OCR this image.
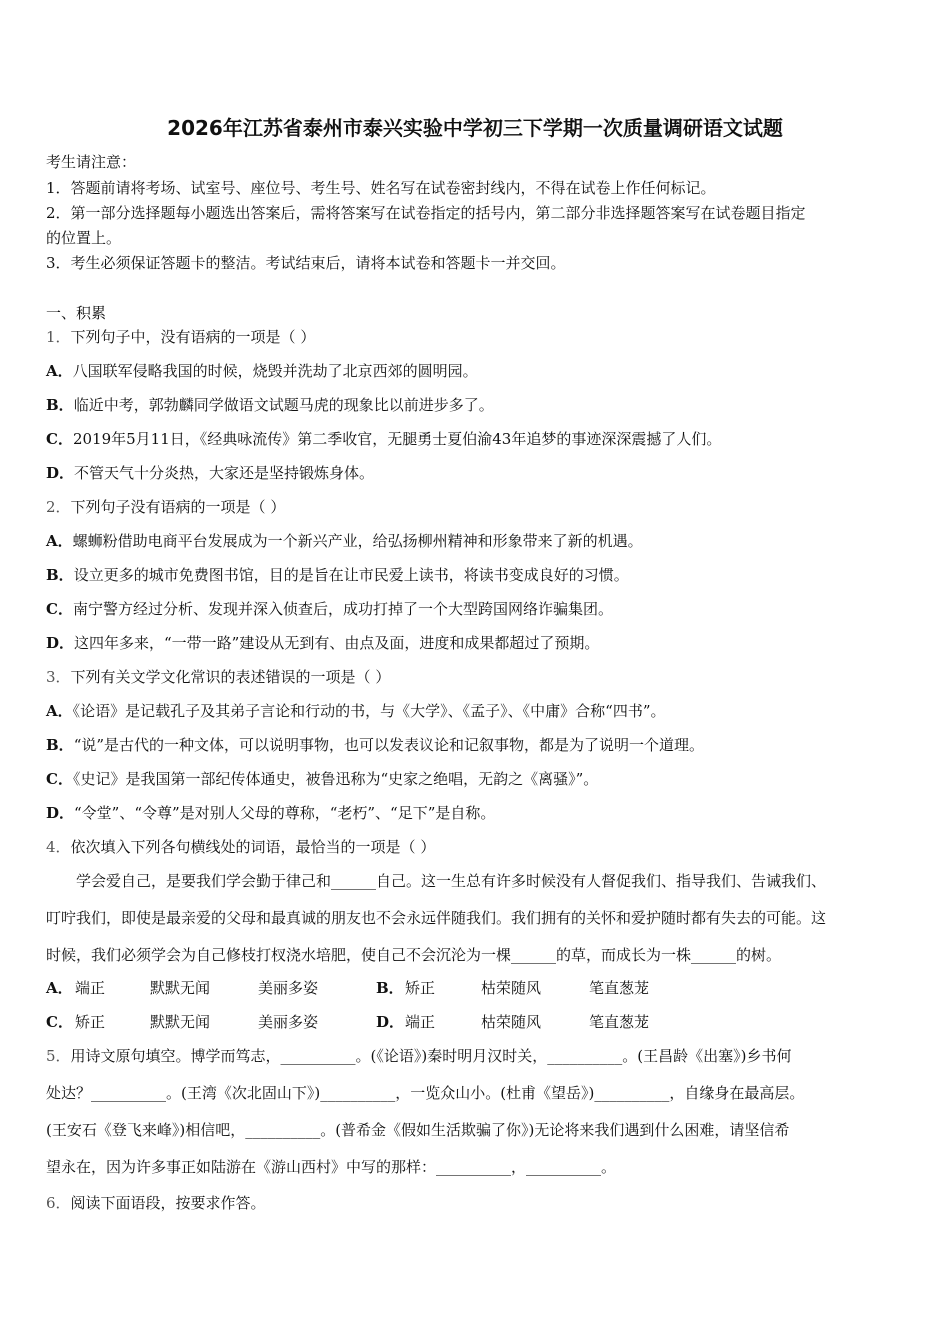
2026年江苏省泰州市泰兴实验中学初三下学期一次质量调研语文试题
考生请注意：
1．答题前请将考场、试室号、座位号、考生号、姓名写在试卷密封线内，不得在试卷上作任何标记。
2．第一部分选择题每小题选出答案后，需将答案写在试卷指定的括号内，第二部分非选择题答案写在试卷题目指定
的位置上。
3．考生必须保证答题卡的整洁。考试结束后，请将本试卷和答题卡一并交回。
一、积累
1．下列句子中，没有语病的一项是（ ）
A．八国联军侵略我国的时候，烧毁并洗劫了北京西郊的圆明园。
B．临近中考，郭勃麟同学做语文试题马虎的现象比以前进步多了。
C．2019年5月11日，《经典咏流传》第二季收官，无腿勇士夏伯渝43年追梦的事迹深深震撼了人们。
D．不管天气十分炎热，大家还是坚持锻炼身体。
2．下列句子没有语病的一项是（ ）
A．螺蛳粉借助电商平台发展成为一个新兴产业，给弘扬柳州精神和形象带来了新的机遇。
B．设立更多的城市免费图书馆，目的是旨在让市民爱上读书，将读书变成良好的习惯。
C．南宁警方经过分析、发现并深入侦查后，成功打掉了一个大型跨国网络诈骗集团。
D．这四年多来，“一带一路”建设从无到有、由点及面，进度和成果都超过了预期。
3．下列有关文学文化常识的表述错误的一项是（ ）
A．《论语》是记载孔子及其弟子言论和行动的书，与《大学》、《孟子》、《中庸》合称“四书”。
B．“说”是古代的一种文体，可以说明事物，也可以发表议论和记叙事物，都是为了说明一个道理。
C．《史记》是我国第一部纪传体通史，被鲁迅称为“史家之绝唱，无韵之《离骚》”。
D．“令堂”、“令尊”是对别人父母的尊称，“老朽”、“足下”是自称。
4．依次填入下列各句横线处的词语，最恰当的一项是（ ）
　　学会爱自己，是要我们学会勤于律己和______自己。这一生总有许多时候没有人督促我们、指导我们、告诫我们、
叮咛我们，即使是最亲爱的父母和最真诚的朋友也不会永远伴随我们。我们拥有的关怀和爱护随时都有失去的可能。这
时候，我们必须学会为自己修枝打杈浇水培肥，使自己不会沉沦为一棵______的草，而成长为一株______的树。
A． 端正	默默无闻	美丽多姿	B． 矫正	枯荣随风	笔直葱茏
C． 矫正	默默无闻	美丽多姿	D． 端正	枯荣随风	笔直葱茏
5．用诗文原句填空。博学而笃志，__________。(《论语》)秦时明月汉时关，__________。(王昌龄《出塞》)乡书何
处达？__________。(王湾《次北固山下》)__________，一览众山小。(杜甫《望岳》)__________，自缘身在最高层。
(王安石《登飞来峰》)相信吧，__________。(普希金《假如生活欺骗了你》)无论将来我们遇到什么困难，请坚信希
望永在，因为许多事正如陆游在《游山西村》中写的那样：__________，__________。
6．阅读下面语段，按要求作答。
